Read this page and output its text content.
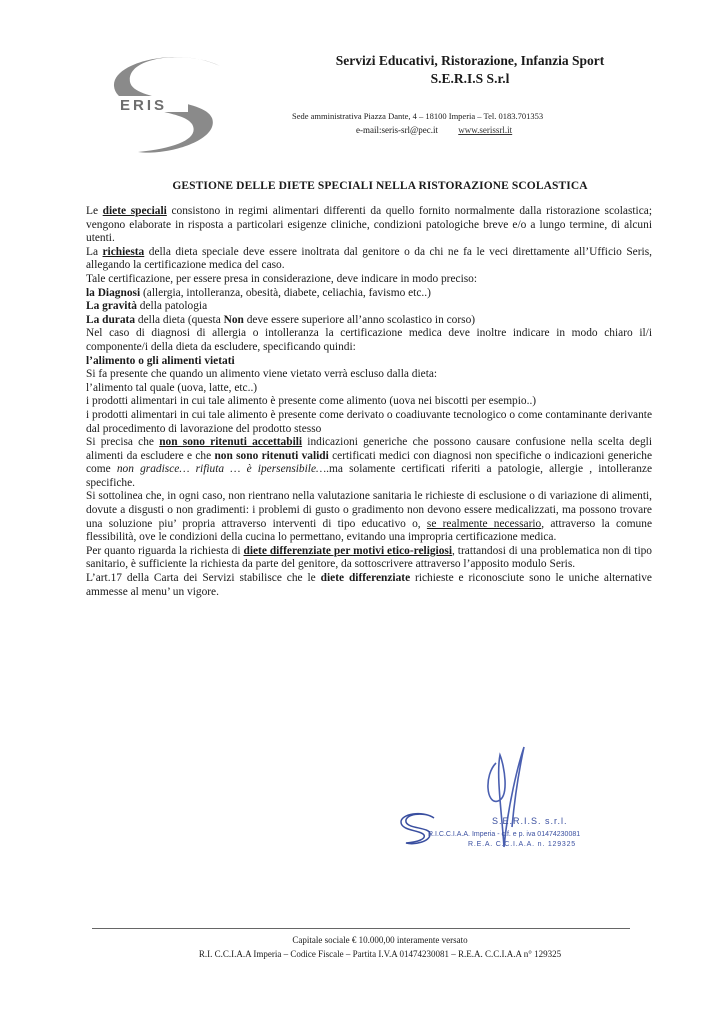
ERIS
Servizi Educativi, Ristorazione, Infanzia Sport
S.E.R.I.S S.r.l
Sede amministrativa Piazza Dante, 4 – 18100 Imperia – Tel. 0183.701353
e-mail:seris-srl@pec.it www.serissrl.it
GESTIONE DELLE DIETE SPECIALI NELLA RISTORAZIONE SCOLASTICA

Le diete speciali consistono in regimi alimentari differenti da quello fornito normalmente dalla ristorazione scolastica; vengono elaborate in risposta a particolari esigenze cliniche, condizioni patologiche breve e/o a lungo termine, di alcuni utenti.

La richiesta della dieta speciale deve essere inoltrata dal genitore o da chi ne fa le veci direttamente all’Ufficio Seris, allegando la certificazione medica del caso.

Tale certificazione, per essere presa in considerazione, deve indicare in modo preciso:

la Diagnosi (allergia, intolleranza, obesità, diabete, celiachia, favismo etc..)

La gravità della patologia

La durata della dieta (questa Non deve essere superiore all’anno scolastico in corso)

Nel caso di diagnosi di allergia o intolleranza la certificazione medica deve inoltre indicare in modo chiaro il/i componente/i della dieta da escludere, specificando quindi:

l’alimento o gli alimenti vietati

Si fa presente che quando un alimento viene vietato verrà escluso dalla dieta:

l’alimento tal quale (uova, latte, etc..)

i prodotti alimentari in cui tale alimento è presente come alimento (uova nei biscotti per esempio..)

i prodotti alimentari in cui tale alimento è presente come derivato o coadiuvante tecnologico o come contaminante derivante dal procedimento di lavorazione del prodotto stesso

Si precisa che non sono ritenuti accettabili indicazioni generiche che possono causare confusione nella scelta degli alimenti da escludere e che non sono ritenuti validi certificati medici con diagnosi non specifiche o indicazioni generiche come non gradisce… rifiuta … è ipersensibile….ma solamente certificati riferiti a patologie, allergie , intolleranze specifiche.

Si sottolinea che, in ogni caso, non rientrano nella valutazione sanitaria le richieste di esclusione o di variazione di alimenti, dovute a disgusti o non gradimenti: i problemi di gusto o gradimento non devono essere medicalizzati, ma possono trovare una soluzione piu’ propria attraverso interventi di tipo educativo o, se realmente necessario, attraverso la comune flessibilità, ove le condizioni della cucina lo permettano, evitando una impropria certificazione medica.

Per quanto riguarda la richiesta di diete differenziate per motivi etico-religiosi, trattandosi di una problematica non di tipo sanitario, è sufficiente la richiesta da parte del genitore, da sottoscrivere attraverso l’apposito modulo Seris.

L’art.17 della Carta dei Servizi stabilisce che le diete differenziate richieste e riconosciute sono le uniche alternative ammesse al menu’ un vigore.

S.E.R.I.S. s.r.l.
R.I.C.C.I.A.A. Imperia - c.f. e p. iva 01474230081
R.E.A. C.C.I.A.A. n. 129325
Capitale sociale € 10.000,00 interamente versato
R.I. C.C.I.A.A Imperia – Codice Fiscale – Partita I.V.A 01474230081 – R.E.A. C.C.I.A.A n° 129325
